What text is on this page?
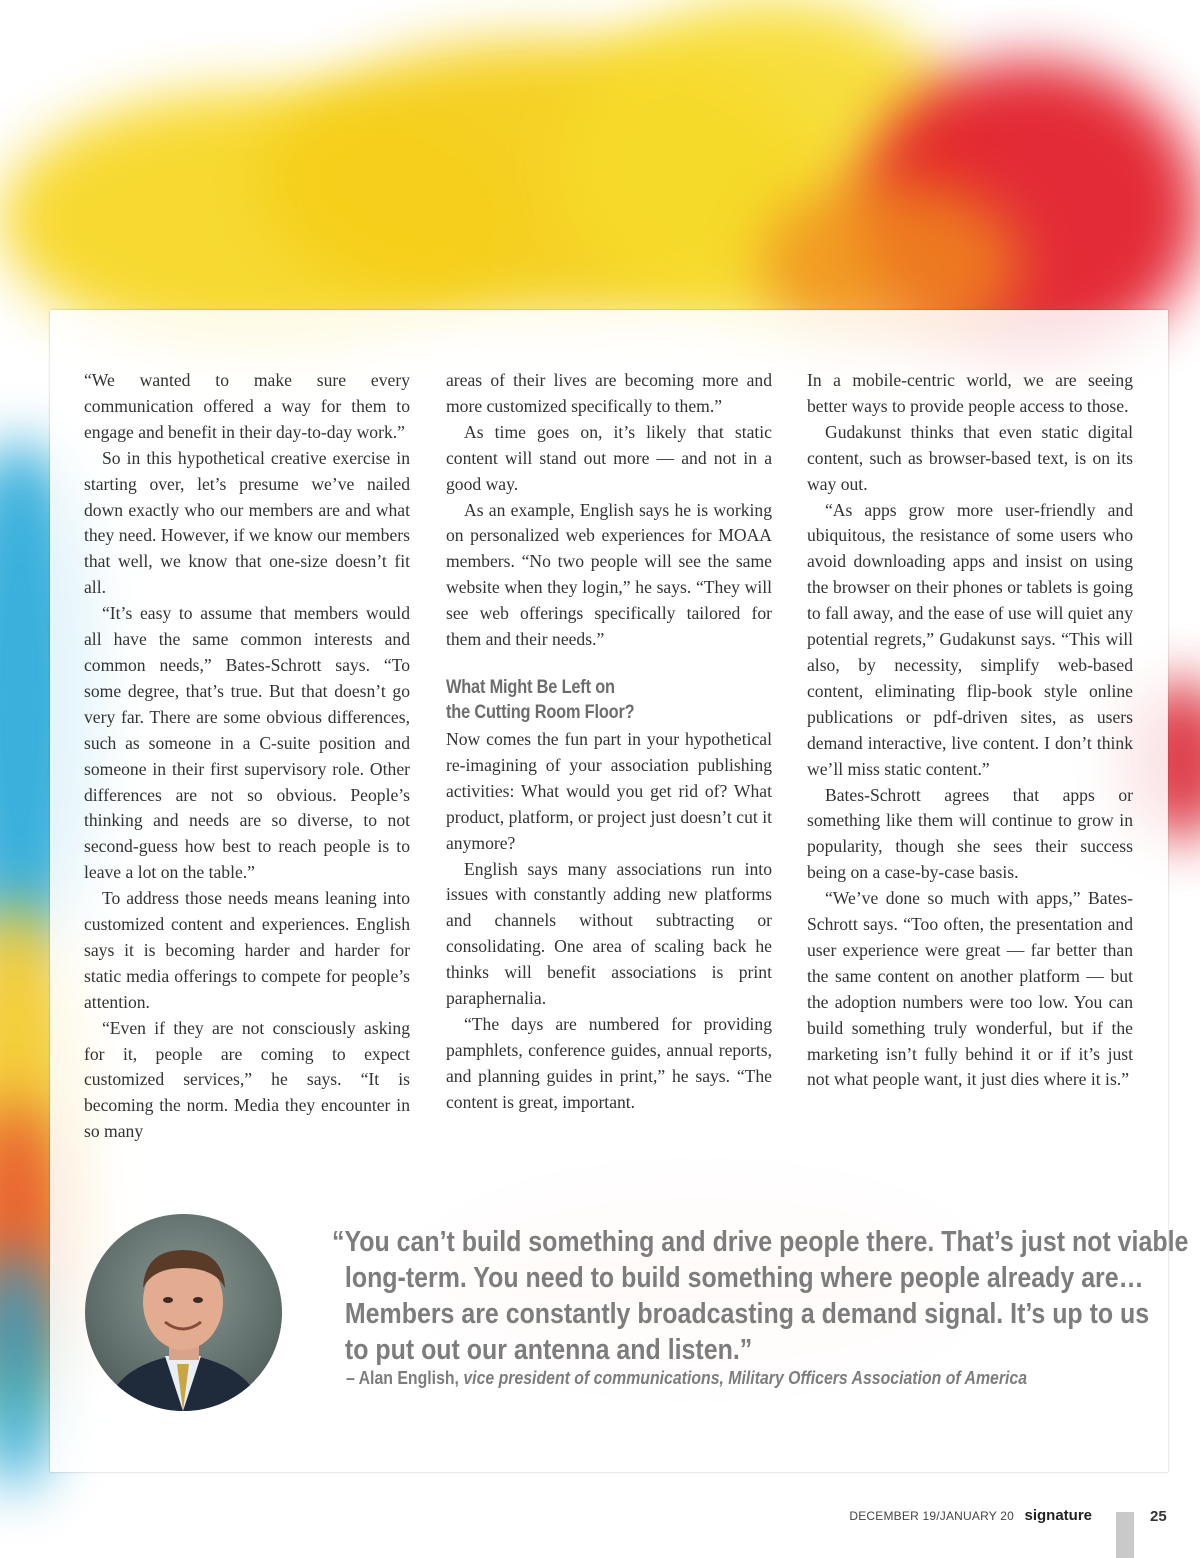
“We wanted to make sure every communication offered a way for them to engage and benefit in their day-to-day work.”

So in this hypothetical creative exercise in starting over, let’s presume we’ve nailed down exactly who our members are and what they need. However, if we know our members that well, we know that one-size doesn’t fit all.

“It’s easy to assume that members would all have the same common interests and common needs,” Bates-Schrott says. “To some degree, that’s true. But that doesn’t go very far. There are some obvious differences, such as someone in a C-suite position and someone in their first supervisory role. Other differences are not so obvious. People’s thinking and needs are so diverse, to not second-guess how best to reach people is to leave a lot on the table.”

To address those needs means leaning into customized content and experiences. English says it is becoming harder and harder for static media offerings to compete for people’s attention.

“Even if they are not consciously asking for it, people are coming to expect customized services,” he says. “It is becoming the norm. Media they encounter in so many

areas of their lives are becoming more and more customized specifically to them.”

As time goes on, it’s likely that static content will stand out more — and not in a good way.

As an example, English says he is working on personalized web experiences for MOAA members. “No two people will see the same website when they login,” he says. “They will see web offerings specifically tailored for them and their needs.”

What Might Be Left on
the Cutting Room Floor?

Now comes the fun part in your hypothetical re-imagining of your association publishing activities: What would you get rid of? What product, platform, or project just doesn’t cut it anymore?

English says many associations run into issues with constantly adding new platforms and channels without subtracting or consolidating. One area of scaling back he thinks will benefit associations is print paraphernalia.

“The days are numbered for providing pamphlets, conference guides, annual reports, and planning guides in print,” he says. “The content is great, important.

In a mobile-centric world, we are seeing better ways to provide people access to those.

Gudakunst thinks that even static digital content, such as browser-based text, is on its way out.

“As apps grow more user-friendly and ubiquitous, the resistance of some users who avoid downloading apps and insist on using the browser on their phones or tablets is going to fall away, and the ease of use will quiet any potential regrets,” Gudakunst says. “This will also, by necessity, simplify web-based content, eliminating flip-book style online publications or pdf-driven sites, as users demand interactive, live content. I don’t think we’ll miss static content.”

Bates-Schrott agrees that apps or something like them will continue to grow in popularity, though she sees their success being on a case-by-case basis.

“We’ve done so much with apps,” Bates-Schrott says. “Too often, the presentation and user experience were great — far better than the same content on another platform — but the adoption numbers were too low. You can build something truly wonderful, but if the marketing isn’t fully behind it or if it’s just not what people want, it just dies where it is.”

“You can’t build something and drive people there. That’s just not viable
long-term. You need to build something where people already are…
Members are constantly broadcasting a demand signal. It’s up to us
to put out our antenna and listen.”
– Alan English, vice president of communications, Military Officers Association of America
DECEMBER 19/JANUARY 20 signature	25
